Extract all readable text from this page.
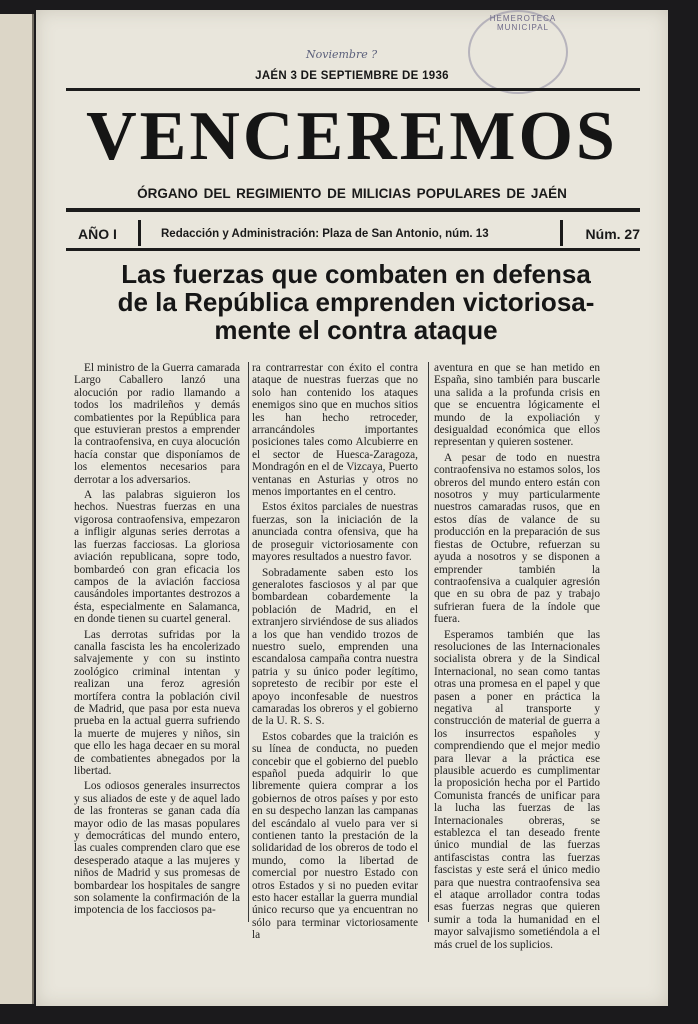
HEMEROTECA MUNICIPAL
Noviembre ?
JAÉN 3 DE SEPTIEMBRE DE 1936
VENCEREMOS
ÓRGANO DEL REGIMIENTO DE MILICIAS POPULARES DE JAÉN
AÑO I	Redacción y Administración: Plaza de San Antonio, núm. 13	Núm. 27
Las fuerzas que combaten en defensa
de la República emprenden victoriosa-
mente el contra ataque

El ministro de la Guerra camarada Largo Caballero lanzó una alocución por radio llamando a todos los madrileños y demás combatientes por la República para que estuvieran prestos a emprender la contraofensiva, en cuya alocución hacía constar que disponíamos de los elementos necesarios para derrotar a los adversarios.

A las palabras siguieron los hechos. Nuestras fuerzas en una vigorosa contraofensiva, empezaron a infligir algunas series derrotas a las fuerzas facciosas. La gloriosa aviación republicana, sopre todo, bombardeó con gran eficacia los campos de la aviación facciosa causándoles importantes destrozos a ésta, especialmente en Salamanca, en donde tienen su cuartel general.

Las derrotas sufridas por la canalla fascista les ha encolerizado salvajemente y con su instinto zoológico criminal intentan y realizan una feroz agresión mortífera contra la población civil de Madrid, que pasa por esta nueva prueba en la actual guerra sufriendo la muerte de mujeres y niños, sin que ello les haga decaer en su moral de combatientes abnegados por la libertad.

Los odiosos generales insurrectos y sus aliados de este y de aquel lado de las fronteras se ganan cada día mayor odio de las masas populares y democráticas del mundo entero, las cuales comprenden claro que ese desesperado ataque a las mujeres y niños de Madrid y sus promesas de bombardear los hospitales de sangre son solamente la confirmación de la impotencia de los facciosos pa-

ra contrarrestar con éxito el contra ataque de nuestras fuerzas que no solo han contenido los ataques enemigos sino que en muchos sitios les han hecho retroceder, arrancándoles importantes posiciones tales como Alcubierre en el sector de Huesca-Zaragoza, Mondragón en el de Vizcaya, Puerto ventanas en Asturias y otros no menos importantes en el centro.

Estos éxitos parciales de nuestras fuerzas, son la iniciación de la anunciada contra ofensiva, que ha de proseguir victoriosamente con mayores resultados a nuestro favor.

Sobradamente saben esto los generalotes fasciosos y al par que bombardean cobardemente la población de Madrid, en el extranjero sirviéndose de sus aliados a los que han vendido trozos de nuestro suelo, emprenden una escandalosa campaña contra nuestra patria y su único poder legítimo, sopretesto de recibir por este el apoyo inconfesable de nuestros camaradas los obreros y el gobierno de la U. R. S. S.

Estos cobardes que la traición es su línea de conducta, no pueden concebir que el gobierno del pueblo español pueda adquirir lo que libremente quiera comprar a los gobiernos de otros países y por esto en su despecho lanzan las campanas del escándalo al vuelo para ver si contienen tanto la prestación de la solidaridad de los obreros de todo el mundo, como la libertad de comercial por nuestro Estado con otros Estados y si no pueden evitar esto hacer estallar la guerra mundial único recurso que ya encuentran no sólo para terminar victoriosamente la

aventura en que se han metido en España, sino también para buscarle una salida a la profunda crisis en que se encuentra lógicamente el mundo de la expoliación y desigualdad económica que ellos representan y quieren sostener.

A pesar de todo en nuestra contraofensiva no estamos solos, los obreros del mundo entero están con nosotros y muy particularmente nuestros camaradas rusos, que en estos días de valance de su producción en la preparación de sus fiestas de Octubre, refuerzan su ayuda a nosotros y se disponen a emprender también la contraofensiva a cualquier agresión que en su obra de paz y trabajo sufrieran fuera de la índole que fuera.

Esperamos también que las resoluciones de las Internacionales socialista obrera y de la Sindical Internacional, no sean como tantas otras una promesa en el papel y que pasen a poner en práctica la negativa al transporte y construcción de material de guerra a los insurrectos españoles y comprendiendo que el mejor medio para llevar a la práctica ese plausible acuerdo es cumplimentar la proposición hecha por el Partido Comunista francés de unificar para la lucha las fuerzas de las Internacionales obreras, se establezca el tan deseado frente único mundial de las fuerzas antifascistas contra las fuerzas fascistas y este será el único medio para que nuestra contraofensiva sea el ataque arrollador contra todas esas fuerzas negras que quieren sumir a toda la humanidad en el mayor salvajismo sometiéndola a el más cruel de los suplicios.
